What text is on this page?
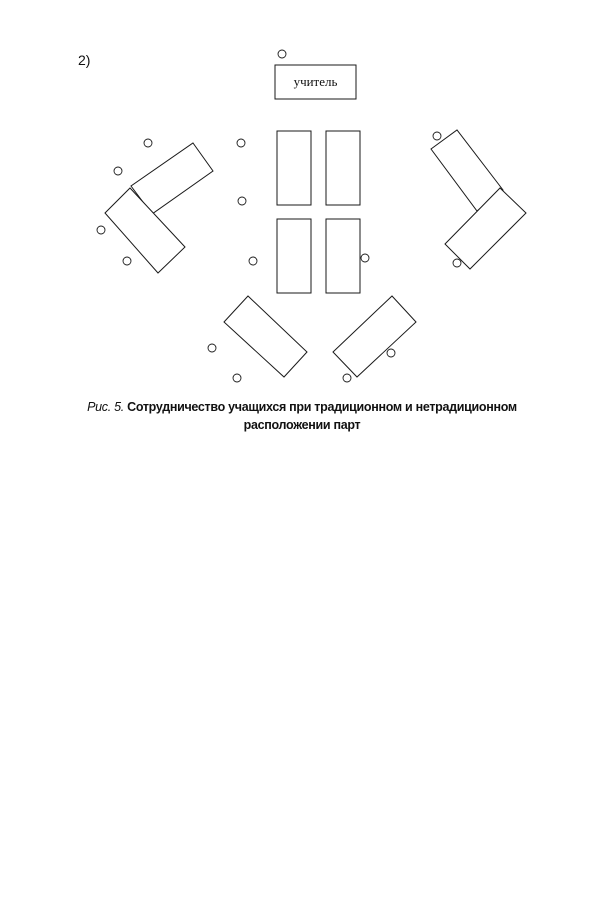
2)
учитель
Рис. 5. Сотрудничество учащихся при традиционном и нетрадиционном
расположении парт
